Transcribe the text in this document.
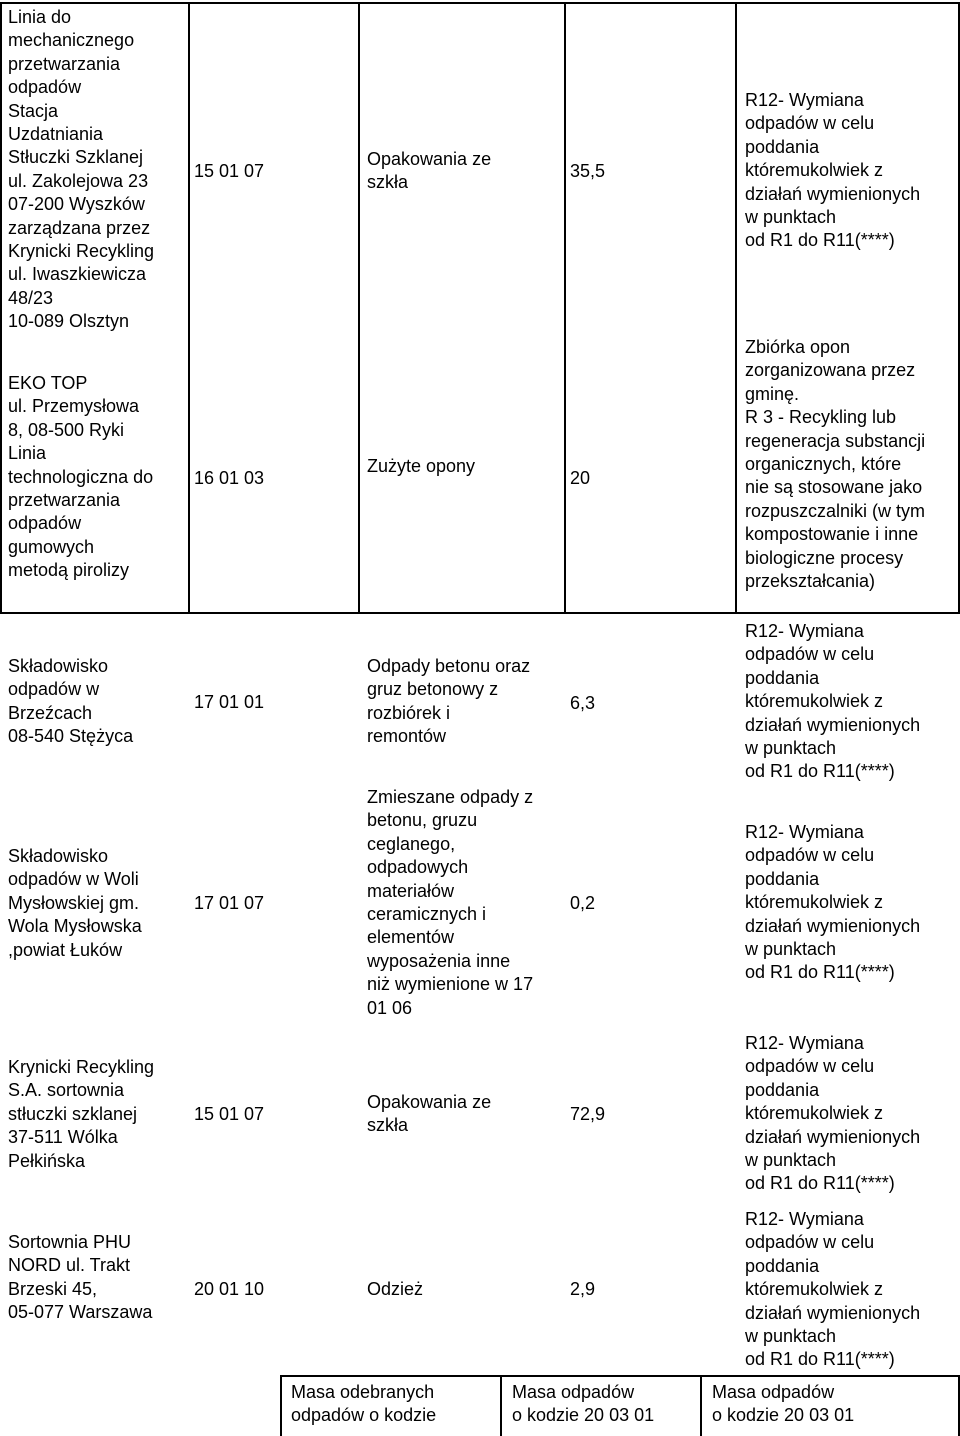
Linia do
mechanicznego
przetwarzania
odpadów
Stacja
Uzdatniania
Stłuczki Szklanej
ul. Zakolejowa 23
07-200 Wyszków
zarządzana przez
Krynicki Recykling
ul. Iwaszkiewicza
48/23
10-089 Olsztyn
15 01 07
Opakowania ze
szkła
35,5
R12- Wymiana
odpadów w celu
poddania
któremukolwiek z
działań wymienionych
w punktach
od R1 do R11(****)
EKO TOP
ul. Przemysłowa
8, 08-500 Ryki
Linia
technologiczna do
przetwarzania
odpadów
gumowych
metodą pirolizy
16 01 03
Zużyte opony
20
Zbiórka opon
zorganizowana przez
gminę.
R 3 - Recykling lub
regeneracja substancji
organicznych, które
nie są stosowane jako
rozpuszczalniki (w tym
kompostowanie i inne
biologiczne procesy
przekształcania)
Składowisko
odpadów w
Brzeźcach
08-540 Stężyca
17 01 01
Odpady betonu oraz
gruz betonowy z
rozbiórek i
remontów
6,3
R12- Wymiana
odpadów w celu
poddania
któremukolwiek z
działań wymienionych
w punktach
od R1 do R11(****)
Składowisko
odpadów w Woli
Mysłowskiej gm.
Wola Mysłowska
,powiat Łuków
17 01 07
Zmieszane odpady z
betonu, gruzu
ceglanego,
odpadowych
materiałów
ceramicznych i
elementów
wyposażenia inne
niż wymienione w 17
01 06
0,2
R12- Wymiana
odpadów w celu
poddania
któremukolwiek z
działań wymienionych
w punktach
od R1 do R11(****)
Krynicki Recykling
S.A. sortownia
stłuczki szklanej
37-511 Wólka
Pełkińska
15 01 07
Opakowania ze
szkła
72,9
R12- Wymiana
odpadów w celu
poddania
któremukolwiek z
działań wymienionych
w punktach
od R1 do R11(****)
Sortownia PHU
NORD ul. Trakt
Brzeski 45,
05-077 Warszawa
20 01 10	Odzież	2,9
R12- Wymiana
odpadów w celu
poddania
któremukolwiek z
działań wymienionych
w punktach
od R1 do R11(****)
Masa odebranych
odpadów o kodzie
Masa odpadów
o kodzie 20 03 01
Masa odpadów
o kodzie 20 03 01
